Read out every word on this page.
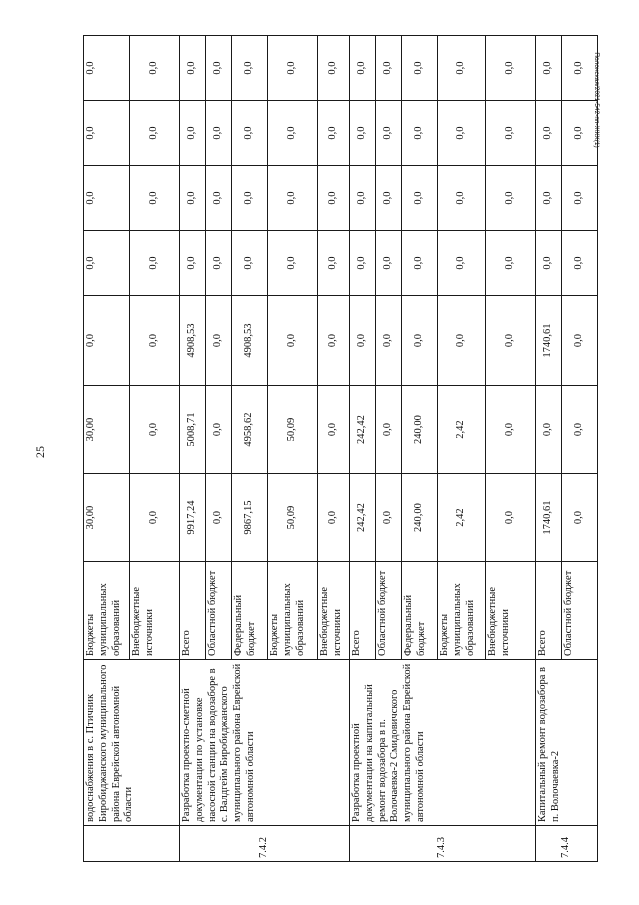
25
Полонская/2021-542-пп-ЖКХ(1)
	водоснабжения в с. Птичник Биробиджанского муниципального района Еврейской автономной области	Бюджеты муниципальных образований	30,00	30,00	0,0	0,0	0,0	0,0	0,0
		Внебюджетные источники	0,0	0,0	0,0	0,0	0,0	0,0	0,0
7.4.2	Разработка проектно-сметной документации по установке насосной станции на водозаборе в с. Валдгейм Биробиджанского муниципального района Еврейской автономной области	Всего	9917,24	5008,71	4908,53	0,0	0,0	0,0	0,0
		Областной бюджет	0,0	0,0	0,0	0,0	0,0	0,0	0,0
		Федеральный бюджет	9867,15	4958,62	4908,53	0,0	0,0	0,0	0,0
		Бюджеты муниципальных образований	50,09	50,09	0,0	0,0	0,0	0,0	0,0
		Внебюджетные источники	0,0	0,0	0,0	0,0	0,0	0,0	0,0
7.4.3	Разработка проектной документации на капитальный ремонт водозабора в п. Волочаевка-2 Смидовичского муниципального района Еврейской автономной области	Всего	242,42	242,42	0,0	0,0	0,0	0,0	0,0
		Областной бюджет	0,0	0,0	0,0	0,0	0,0	0,0	0,0
		Федеральный бюджет	240,00	240,00	0,0	0,0	0,0	0,0	0,0
		Бюджеты муниципальных образований	2,42	2,42	0,0	0,0	0,0	0,0	0,0
		Внебюджетные источники	0,0	0,0	0,0	0,0	0,0	0,0	0,0
7.4.4	Капитальный ремонт водозабора в п. Волочаевка-2	Всего	1740,61	0,0	1740,61	0,0	0,0	0,0	0,0
		Областной бюджет	0,0	0,0	0,0	0,0	0,0	0,0	0,0
